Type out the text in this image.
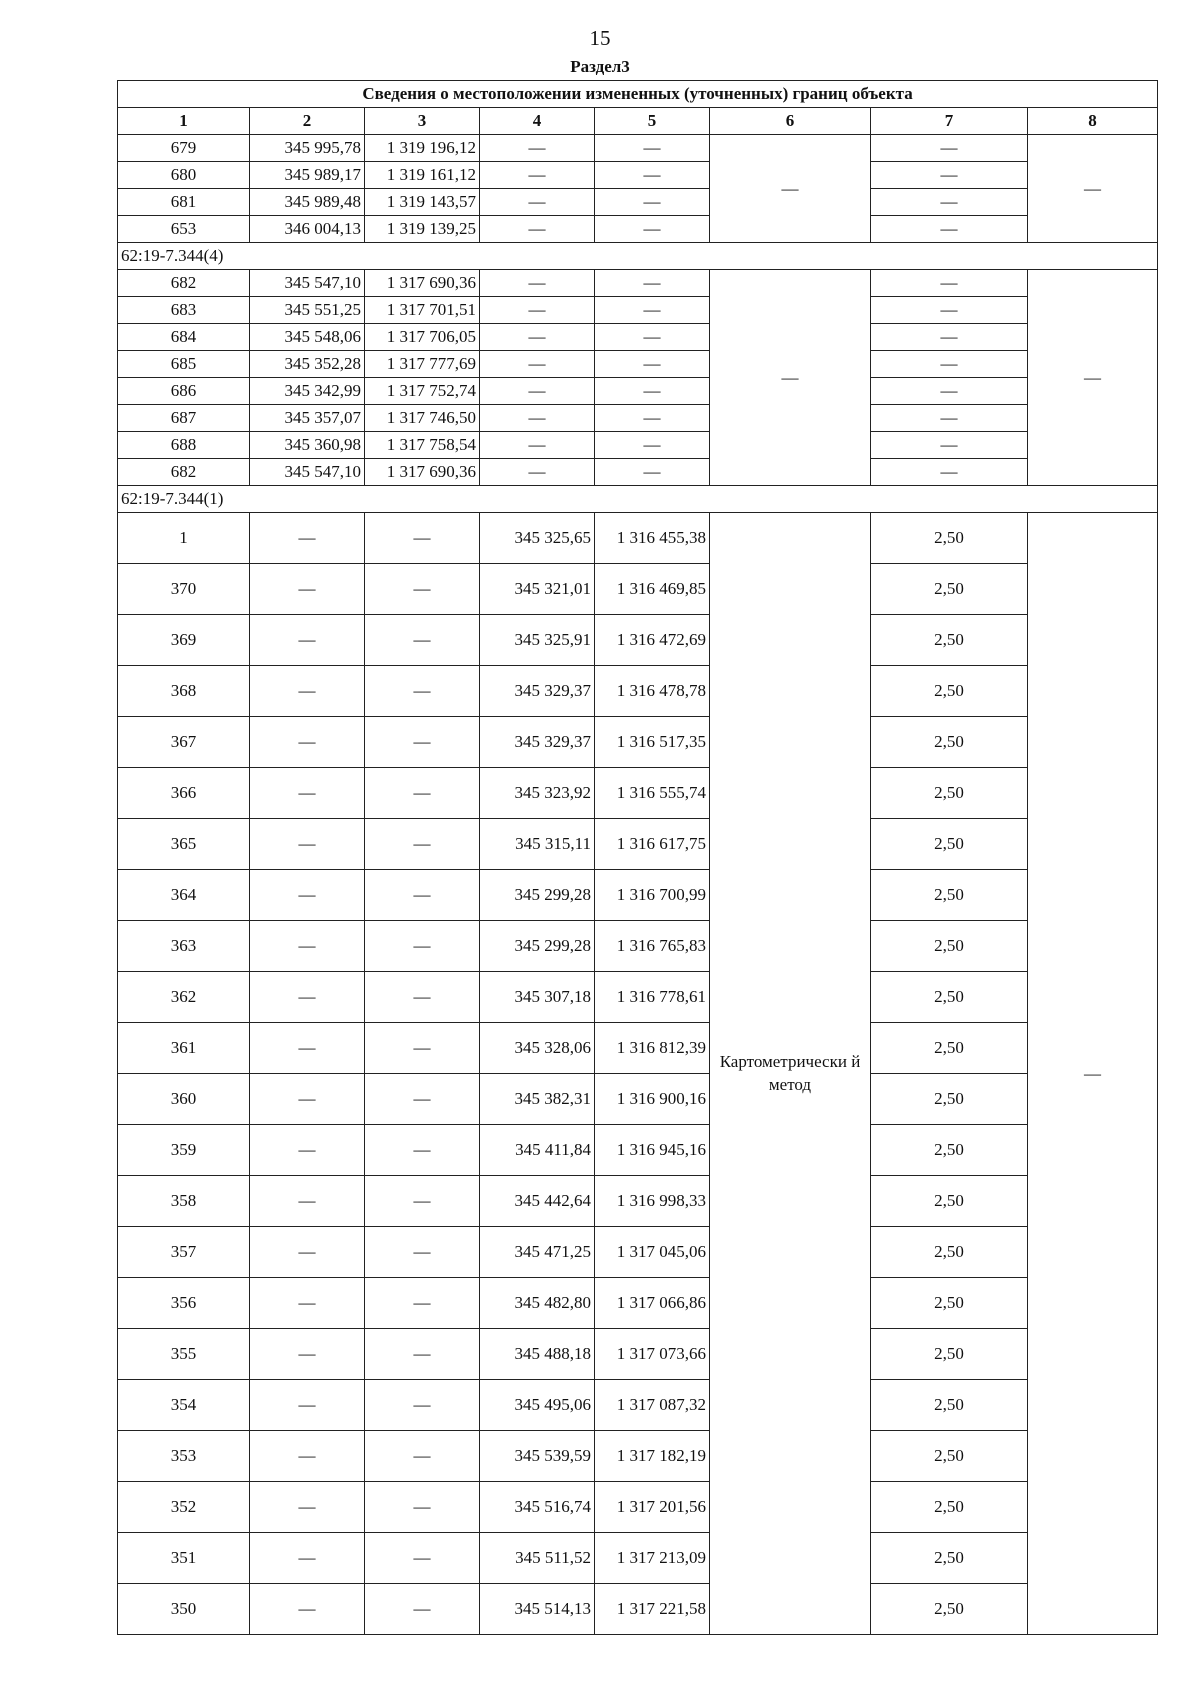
15
Раздел3
Сведения о местоположении измененных (уточненных) границ объекта							
1	2	3	4	5	6	7	8
679	345 995,78	1 319 196,12	—	—	—	—	—
680	345 989,17	1 319 161,12	—	—		—	
681	345 989,48	1 319 143,57	—	—		—	
653	346 004,13	1 319 139,25	—	—		—	
62:19-7.344(4)							
682	345 547,10	1 317 690,36	—	—	—	—	—
683	345 551,25	1 317 701,51	—	—		—	
684	345 548,06	1 317 706,05	—	—		—	
685	345 352,28	1 317 777,69	—	—		—	
686	345 342,99	1 317 752,74	—	—		—	
687	345 357,07	1 317 746,50	—	—		—	
688	345 360,98	1 317 758,54	—	—		—	
682	345 547,10	1 317 690,36	—	—		—	
62:19-7.344(1)							
1	—	—	345 325,65	1 316 455,38	Картометрически й метод	2,50	—
370	—	—	345 321,01	1 316 469,85		2,50	
369	—	—	345 325,91	1 316 472,69		2,50	
368	—	—	345 329,37	1 316 478,78		2,50	
367	—	—	345 329,37	1 316 517,35		2,50	
366	—	—	345 323,92	1 316 555,74		2,50	
365	—	—	345 315,11	1 316 617,75		2,50	
364	—	—	345 299,28	1 316 700,99		2,50	
363	—	—	345 299,28	1 316 765,83		2,50	
362	—	—	345 307,18	1 316 778,61		2,50	
361	—	—	345 328,06	1 316 812,39		2,50	
360	—	—	345 382,31	1 316 900,16		2,50	
359	—	—	345 411,84	1 316 945,16		2,50	
358	—	—	345 442,64	1 316 998,33		2,50	
357	—	—	345 471,25	1 317 045,06		2,50	
356	—	—	345 482,80	1 317 066,86		2,50	
355	—	—	345 488,18	1 317 073,66		2,50	
354	—	—	345 495,06	1 317 087,32		2,50	
353	—	—	345 539,59	1 317 182,19		2,50	
352	—	—	345 516,74	1 317 201,56		2,50	
351	—	—	345 511,52	1 317 213,09		2,50	
350	—	—	345 514,13	1 317 221,58		2,50	
